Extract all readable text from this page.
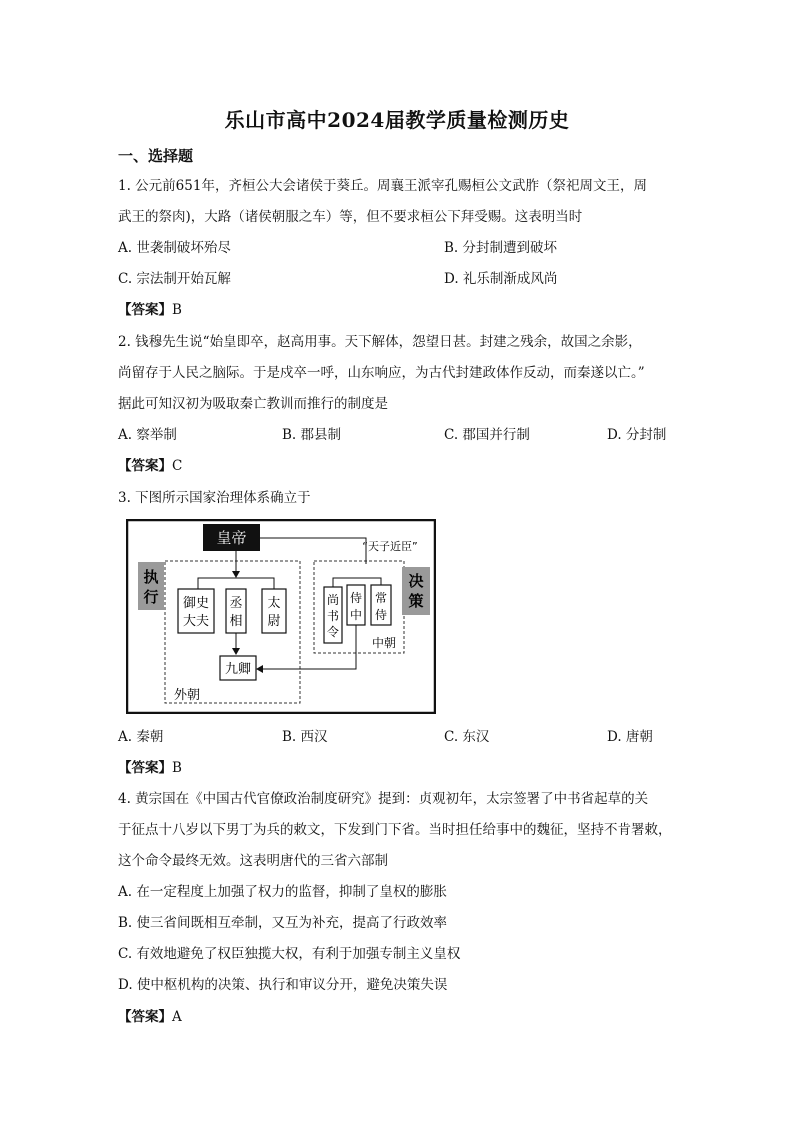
乐山市高中2024届教学质量检测历史
一、选择题
1. 公元前651年，齐桓公大会诸侯于葵丘。周襄王派宰孔赐桓公文武胙（祭祀周文王，周
武王的祭肉)，大路（诸侯朝服之车）等，但不要求桓公下拜受赐。这表明当时
A. 世袭制破坏殆尽	B. 分封制遭到破坏
C. 宗法制开始瓦解	D. 礼乐制渐成风尚
【答案】B
2. 钱穆先生说“始皇即卒，赵高用事。天下解体，怨望日甚。封建之残余，故国之余影，
尚留存于人民之脑际。于是戍卒一呼，山东响应，为古代封建政体作反动，而秦遂以亡。”
据此可知汉初为吸取秦亡教训而推行的制度是
A. 察举制	B. 郡县制	C. 郡国并行制	D. 分封制
【答案】C
3. 下图所示国家治理体系确立于
皇帝	“天子近臣”
御史
大夫
丞
相
太
尉
九卿
尚
书
令
侍
中
常
侍
执
行
决
策
外朝
中朝
A. 秦朝	B. 西汉	C. 东汉	D. 唐朝
【答案】B
4. 黄宗国在《中国古代官僚政治制度研究》提到：贞观初年，太宗签署了中书省起草的关
于征点十八岁以下男丁为兵的敕文，下发到门下省。当时担任给事中的魏征，坚持不肯署敕，
这个命令最终无效。这表明唐代的三省六部制
A. 在一定程度上加强了权力的监督，抑制了皇权的膨胀
B. 使三省间既相互牵制，又互为补充，提高了行政效率
C. 有效地避免了权臣独揽大权，有利于加强专制主义皇权
D. 使中枢机构的决策、执行和审议分开，避免决策失误
【答案】A
